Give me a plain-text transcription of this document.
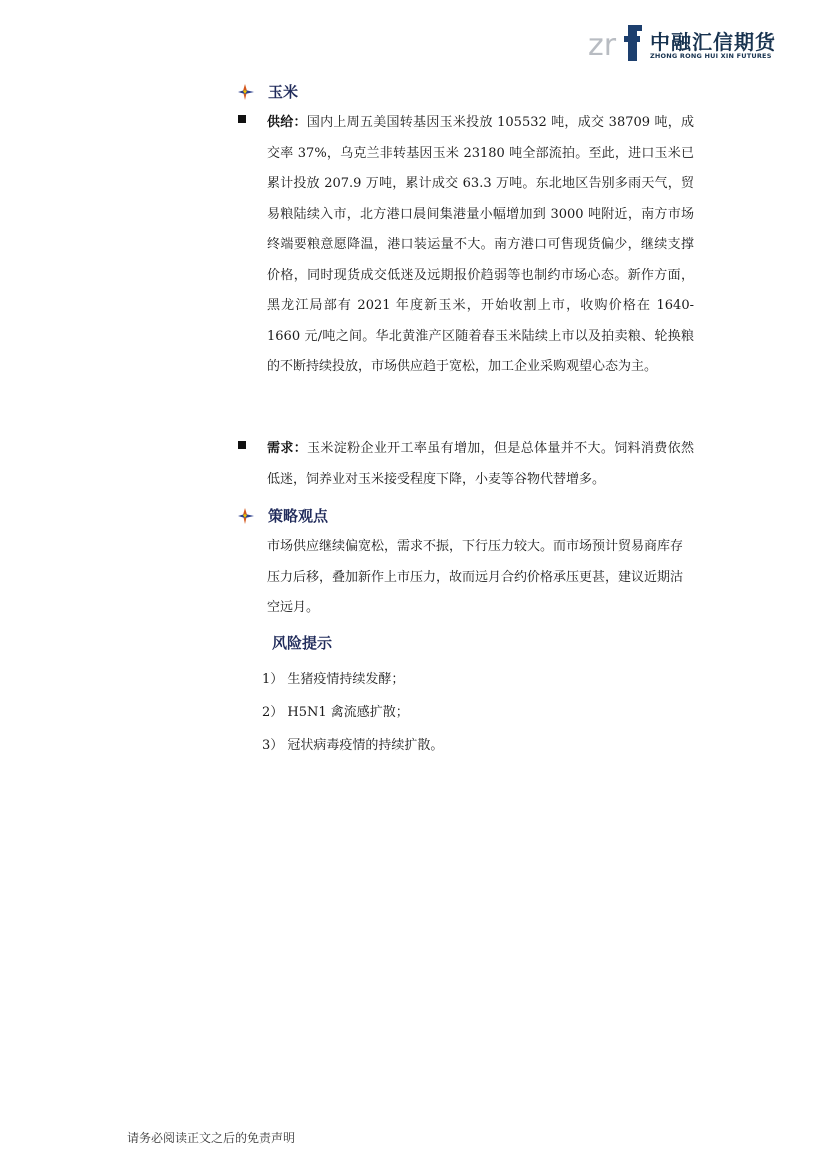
zr 中融汇信期货
ZHONG RONG HUI XIN FUTURES
玉米
供给：国内上周五美国转基因玉米投放 105532 吨，成交 38709 吨，成交率 37%，乌克兰非转基因玉米 23180 吨全部流拍。至此，进口玉米已累计投放 207.9 万吨，累计成交 63.3 万吨。东北地区告别多雨天气，贸易粮陆续入市，北方港口晨间集港量小幅增加到 3000 吨附近，南方市场终端要粮意愿降温，港口装运量不大。南方港口可售现货偏少，继续支撑价格，同时现货成交低迷及远期报价趋弱等也制约市场心态。新作方面，黑龙江局部有 2021 年度新玉米，开始收割上市，收购价格在 1640-1660 元/吨之间。华北黄淮产区随着春玉米陆续上市以及拍卖粮、轮换粮的不断持续投放，市场供应趋于宽松，加工企业采购观望心态为主。
需求：玉米淀粉企业开工率虽有增加，但是总体量并不大。饲料消费依然低迷，饲养业对玉米接受程度下降，小麦等谷物代替增多。
策略观点
市场供应继续偏宽松，需求不振，下行压力较大。而市场预计贸易商库存压力后移，叠加新作上市压力，故而远月合约价格承压更甚，建议近期沽空远月。
风险提示
1） 生猪疫情持续发酵；
2） H5N1 禽流感扩散；
3） 冠状病毒疫情的持续扩散。
请务必阅读正文之后的免责声明
